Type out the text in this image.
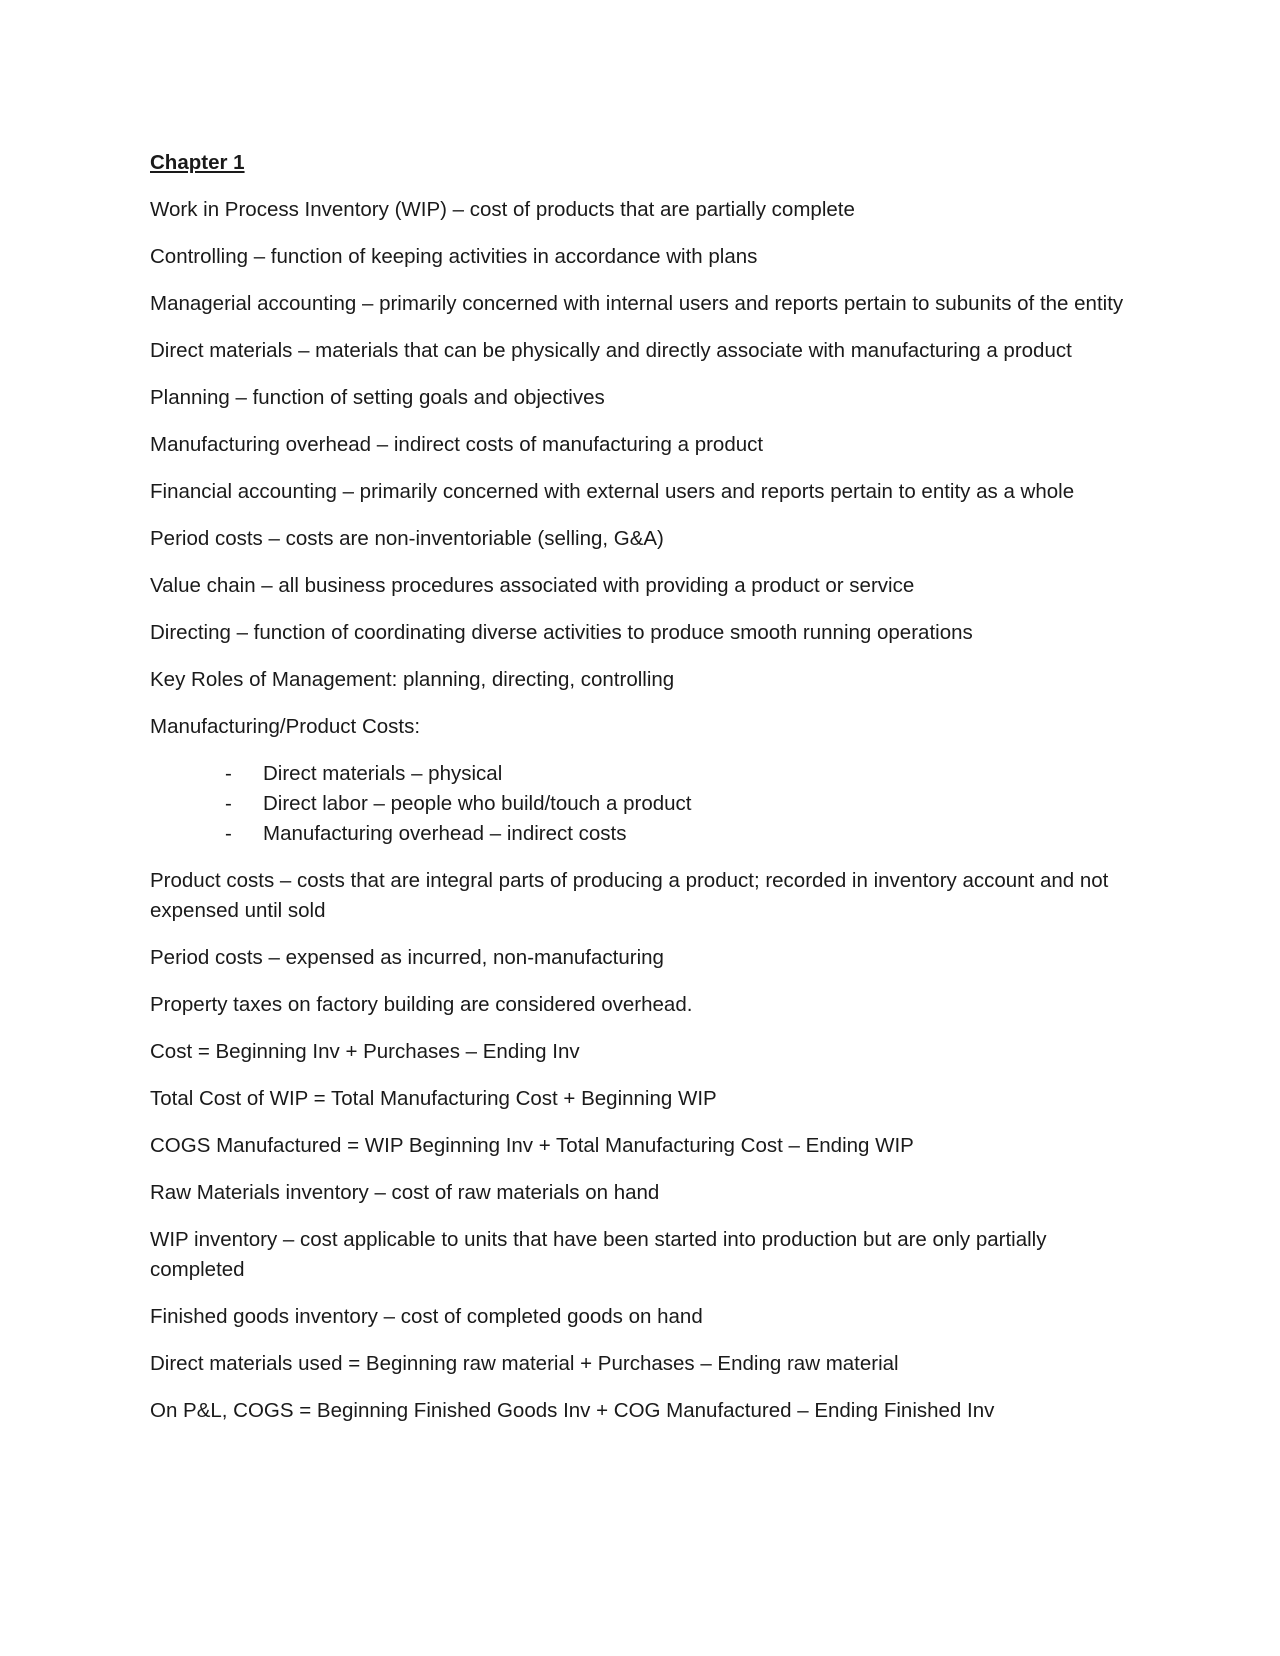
Chapter 1

Work in Process Inventory (WIP) – cost of products that are partially complete

Controlling – function of keeping activities in accordance with plans

Managerial accounting – primarily concerned with internal users and reports pertain to subunits of the entity

Direct materials – materials that can be physically and directly associate with manufacturing a product

Planning – function of setting goals and objectives

Manufacturing overhead – indirect costs of manufacturing a product

Financial accounting – primarily concerned with external users and reports pertain to entity as a whole

Period costs – costs are non-inventoriable (selling, G&A)

Value chain – all business procedures associated with providing a product or service

Directing – function of coordinating diverse activities to produce smooth running operations

Key Roles of Management: planning, directing, controlling

Manufacturing/Product Costs:

- Direct materials – physical
- Direct labor – people who build/touch a product
- Manufacturing overhead – indirect costs

Product costs – costs that are integral parts of producing a product; recorded in inventory account and not expensed until sold

Period costs – expensed as incurred, non-manufacturing

Property taxes on factory building are considered overhead.

Cost = Beginning Inv + Purchases – Ending Inv

Total Cost of WIP = Total Manufacturing Cost + Beginning WIP

COGS Manufactured = WIP Beginning Inv + Total Manufacturing Cost – Ending WIP

Raw Materials inventory – cost of raw materials on hand

WIP inventory – cost applicable to units that have been started into production but are only partially completed

Finished goods inventory – cost of completed goods on hand

Direct materials used = Beginning raw material + Purchases – Ending raw material

On P&L, COGS = Beginning Finished Goods Inv + COG Manufactured – Ending Finished Inv
